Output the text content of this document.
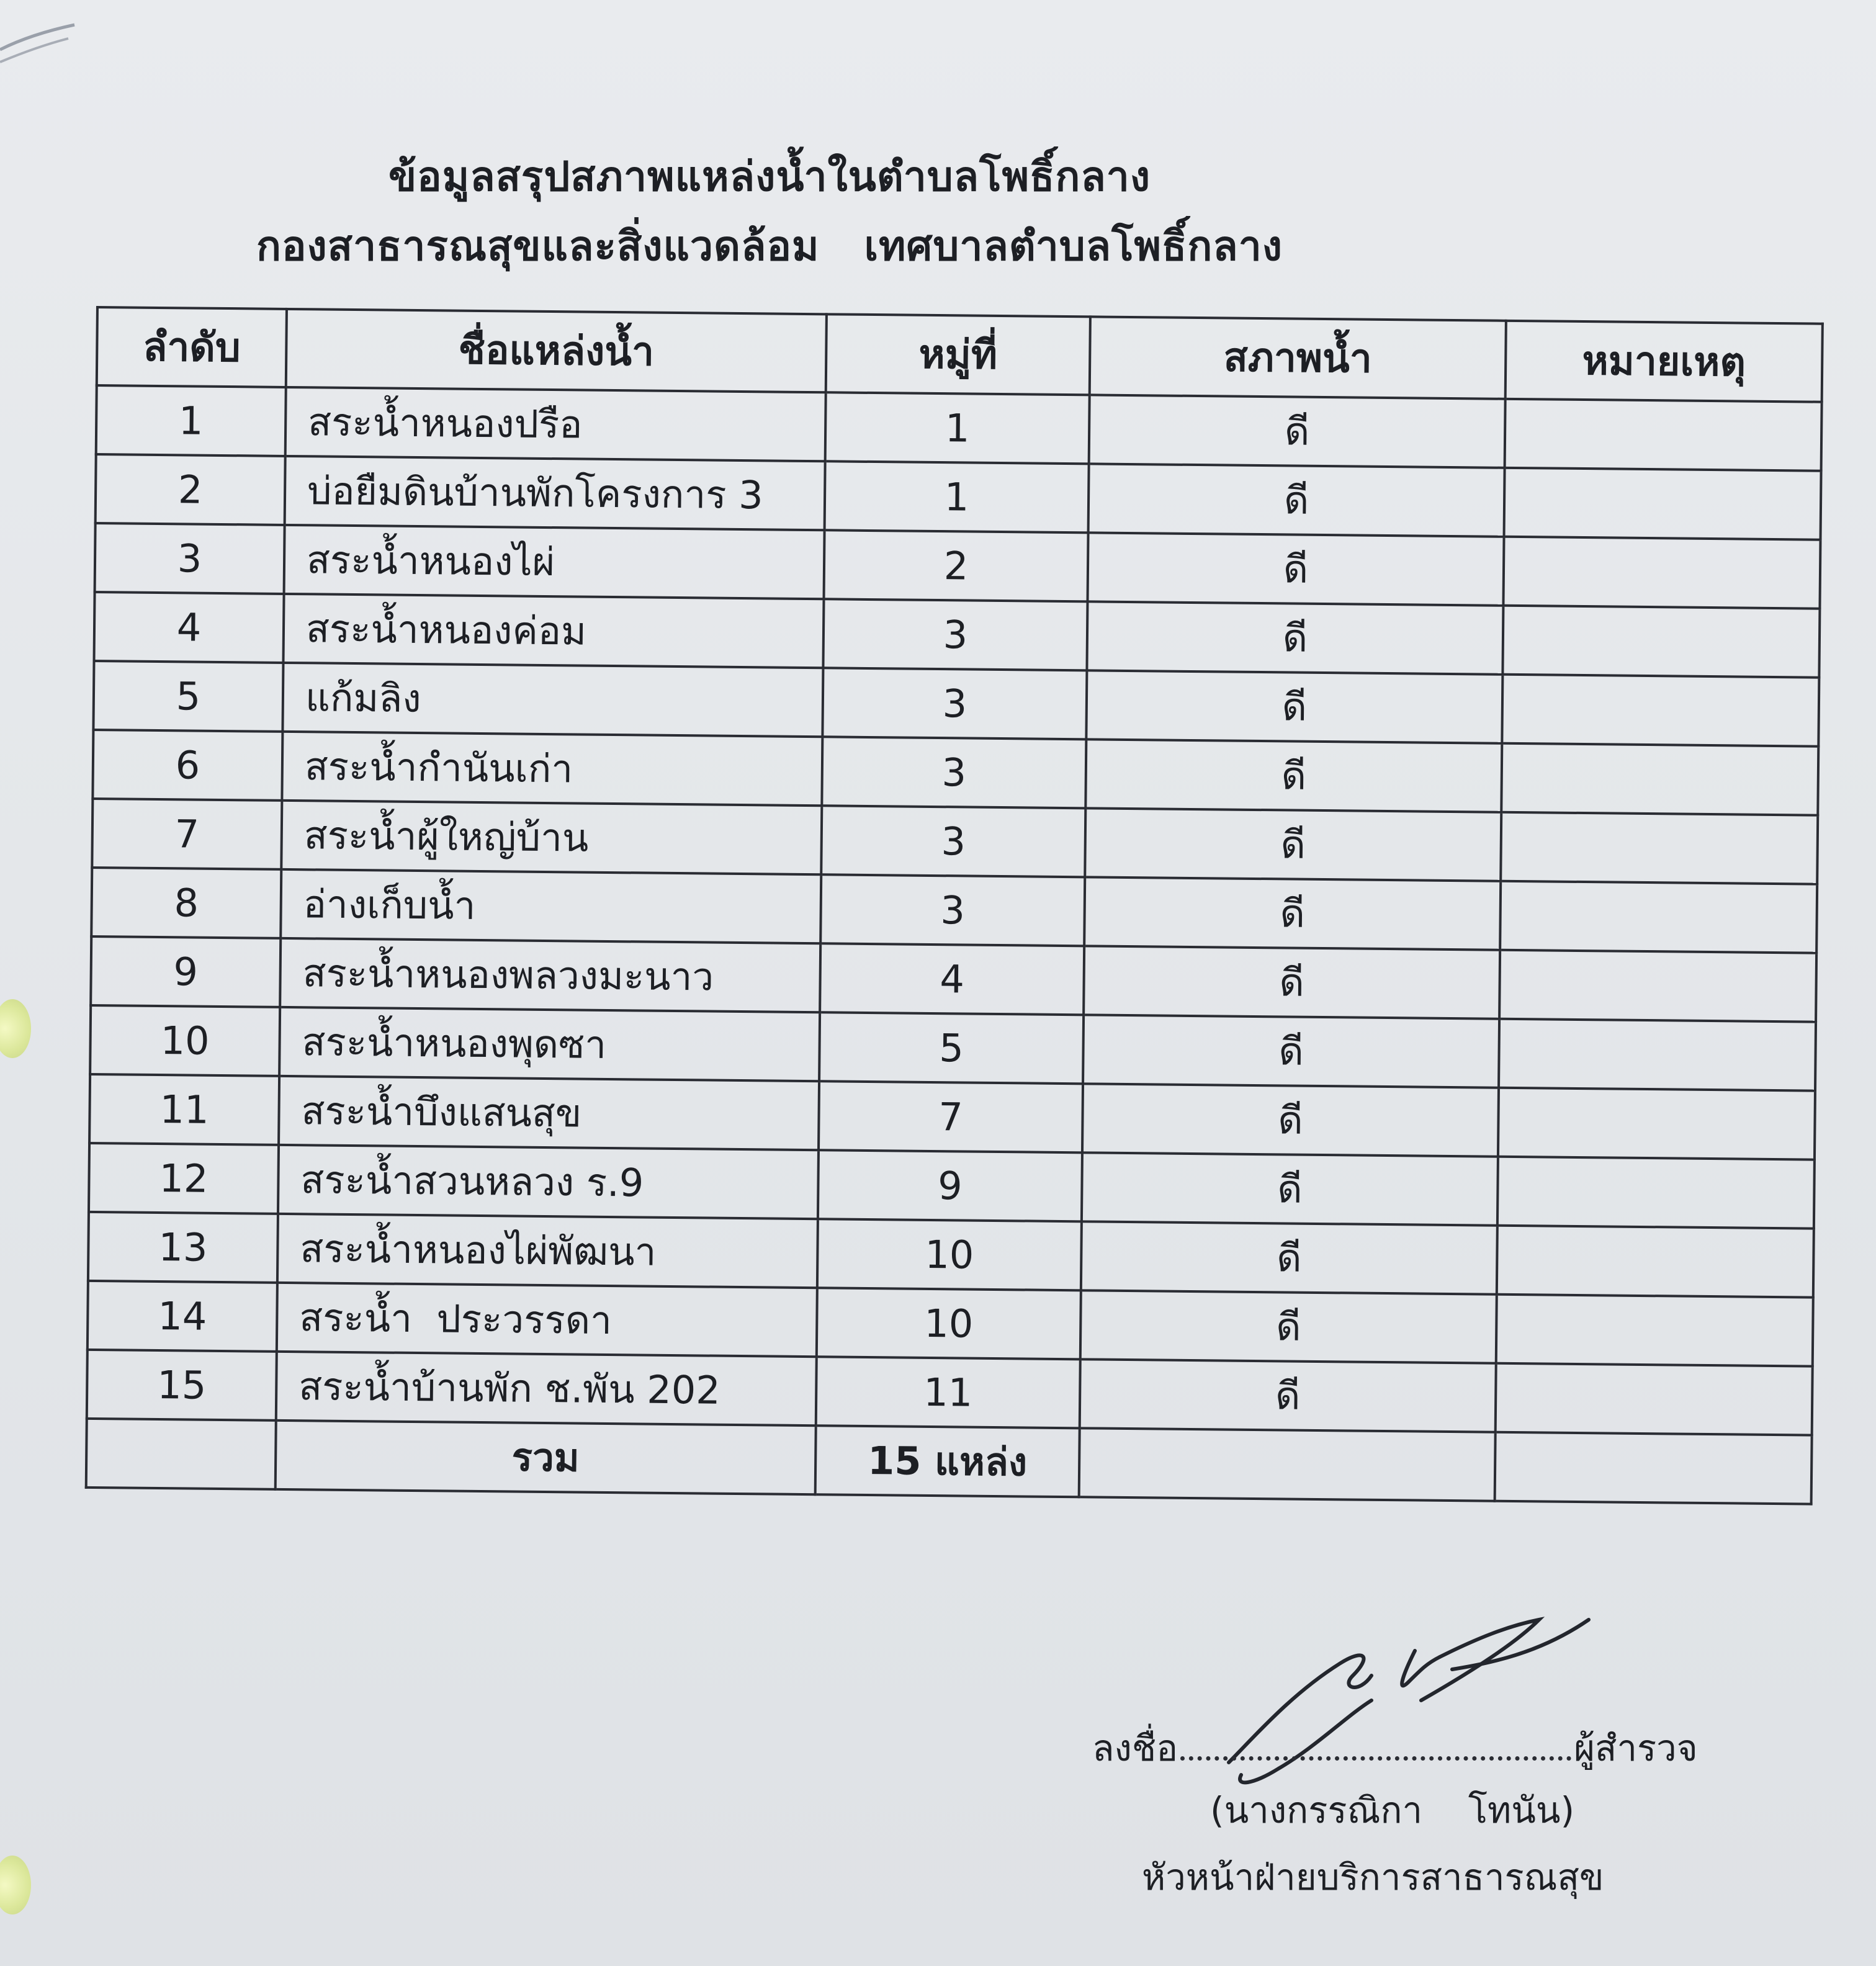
ข้อมูลสรุปสภาพแหล่งน้ำในตำบลโพธิ์กลาง
กองสาธารณสุขและสิ่งแวดล้อม   เทศบาลตำบลโพธิ์กลาง
ลำดับ	ชื่อแหล่งน้ำ	หมู่ที่	สภาพน้ำ	หมายเหตุ
1	สระน้ำหนองปรือ	1	ดี	
2	บ่อยืมดินบ้านพักโครงการ 3	1	ดี	
3	สระน้ำหนองไผ่	2	ดี	
4	สระน้ำหนองค่อม	3	ดี	
5	แก้มลิง	3	ดี	
6	สระน้ำกำนันเก่า	3	ดี	
7	สระน้ำผู้ใหญ่บ้าน	3	ดี	
8	อ่างเก็บน้ำ	3	ดี	
9	สระน้ำหนองพลวงมะนาว	4	ดี	
10	สระน้ำหนองพุดซา	5	ดี	
11	สระน้ำบึงแสนสุข	7	ดี	
12	สระน้ำสวนหลวง ร.9	9	ดี	
13	สระน้ำหนองไผ่พัฒนา	10	ดี	
14	สระน้ำ  ประวรรดา	10	ดี	
15	สระน้ำบ้านพัก ช.พัน 202	11	ดี	
	รวม	15 แหล่ง		
ลงชื่อ	ผู้สำรวจ
(นางกรรณิกา    โทนัน)
หัวหน้าฝ่ายบริการสาธารณสุข
